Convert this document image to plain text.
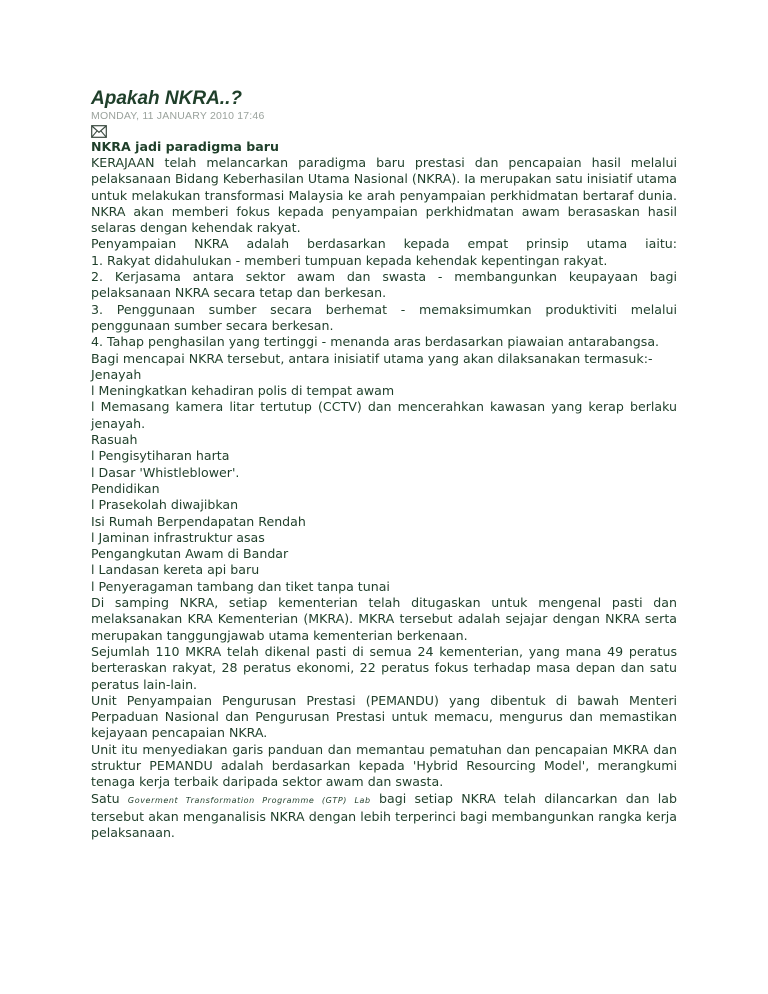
Apakah NKRA..?

MONDAY, 11 JANUARY 2010 17:46

NKRA jadi paradigma baru

KERAJAAN telah melancarkan paradigma baru prestasi dan pencapaian hasil melalui pelaksanaan Bidang Keberhasilan Utama Nasional (NKRA). Ia merupakan satu inisiatif utama untuk melakukan transformasi Malaysia ke arah penyampaian perkhidmatan bertaraf dunia. NKRA akan memberi fokus kepada penyampaian perkhidmatan awam berasaskan hasil selaras dengan kehendak rakyat.

Penyampaian NKRA adalah berdasarkan kepada empat prinsip utama iaitu:

1. Rakyat didahulukan - memberi tumpuan kepada kehendak kepentingan rakyat.

2. Kerjasama antara sektor awam dan swasta - membangunkan keupayaan bagi pelaksanaan NKRA secara tetap dan berkesan.

3. Penggunaan sumber secara berhemat - memaksimumkan produktiviti melalui penggunaan sumber secara berkesan.

4. Tahap penghasilan yang tertinggi - menanda aras berdasarkan piawaian antarabangsa.

Bagi mencapai NKRA tersebut, antara inisiatif utama yang akan dilaksanakan termasuk:-

Jenayah

l Meningkatkan kehadiran polis di tempat awam

l Memasang kamera litar tertutup (CCTV) dan mencerahkan kawasan yang kerap berlaku jenayah.

Rasuah

l Pengisytiharan harta

l Dasar 'Whistleblower'.

Pendidikan

l Prasekolah diwajibkan

Isi Rumah Berpendapatan Rendah

l Jaminan infrastruktur asas

Pengangkutan Awam di Bandar

l Landasan kereta api baru

l Penyeragaman tambang dan tiket tanpa tunai

Di samping NKRA, setiap kementerian telah ditugaskan untuk mengenal pasti dan melaksanakan KRA Kementerian (MKRA). MKRA tersebut adalah sejajar dengan NKRA serta merupakan tanggungjawab utama kementerian berkenaan.

Sejumlah 110 MKRA telah dikenal pasti di semua 24 kementerian, yang mana 49 peratus berteraskan rakyat, 28 peratus ekonomi, 22 peratus fokus terhadap masa depan dan satu peratus lain-lain.

Unit Penyampaian Pengurusan Prestasi (PEMANDU) yang dibentuk di bawah Menteri Perpaduan Nasional dan Pengurusan Prestasi untuk memacu, mengurus dan memastikan kejayaan pencapaian NKRA.

Unit itu menyediakan garis panduan dan memantau pematuhan dan pencapaian MKRA dan struktur PEMANDU adalah berdasarkan kepada 'Hybrid Resourcing Model', merangkumi tenaga kerja terbaik daripada sektor awam dan swasta.

Satu Goverment Transformation Programme (GTP) Lab bagi setiap NKRA telah dilancarkan dan lab tersebut akan menganalisis NKRA dengan lebih terperinci bagi membangunkan rangka kerja pelaksanaan.
